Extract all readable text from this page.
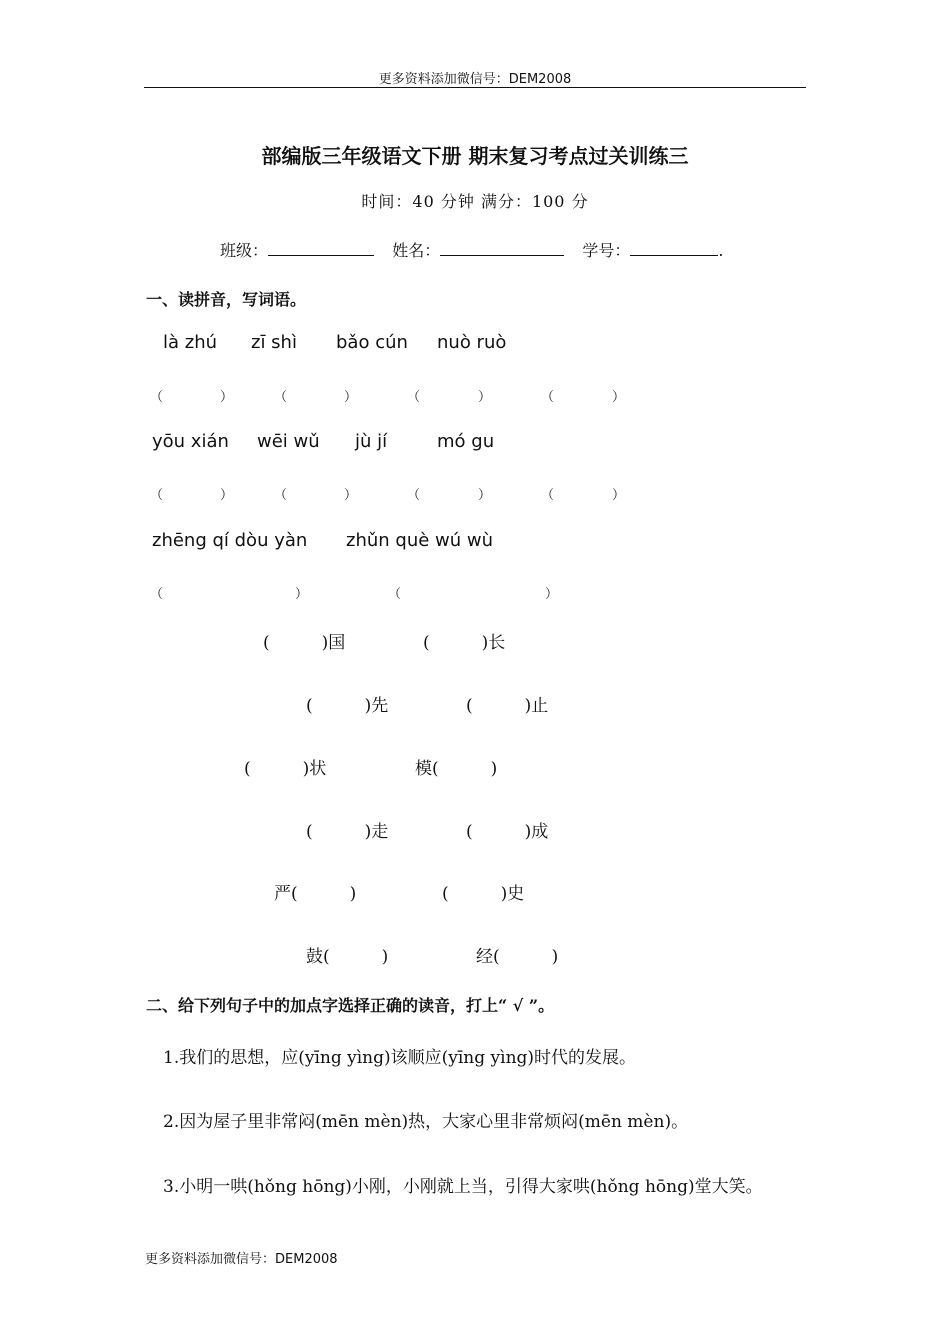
更多资料添加微信号：DEM2008
部编版三年级语文下册 期末复习考点过关训练三
时间：40 分钟 满分：100 分
班级：	姓名：	学号：	.
一、读拼音，写词语。
là zhú zī shì bǎo cún nuò ruò
（	）	（	）	（	）	（	）
yōu xián wēi wǔ jù jí	mó gu
（	）	（	）	（	）	（	）
zhēng qí dòu yàn zhǔn què wú wù
（	）	（	）
(	)国	(	)长
(	)先	(	)止
(	)状	模(	)
(	)走	(	)成
严(	)	(	)史
鼓(	)	经(	)
二、给下列句子中的加点字选择正确的读音，打上“ √ ”。
1.我们的思想，应(yīng yìng)该顺应(yīng yìng)时代的发展。
2.因为屋子里非常闷(mēn mèn)热，大家心里非常烦闷(mēn mèn)。
3.小明一哄(hǒng hōng)小刚，小刚就上当，引得大家哄(hǒng hōng)堂大笑。
更多资料添加微信号：DEM2008
